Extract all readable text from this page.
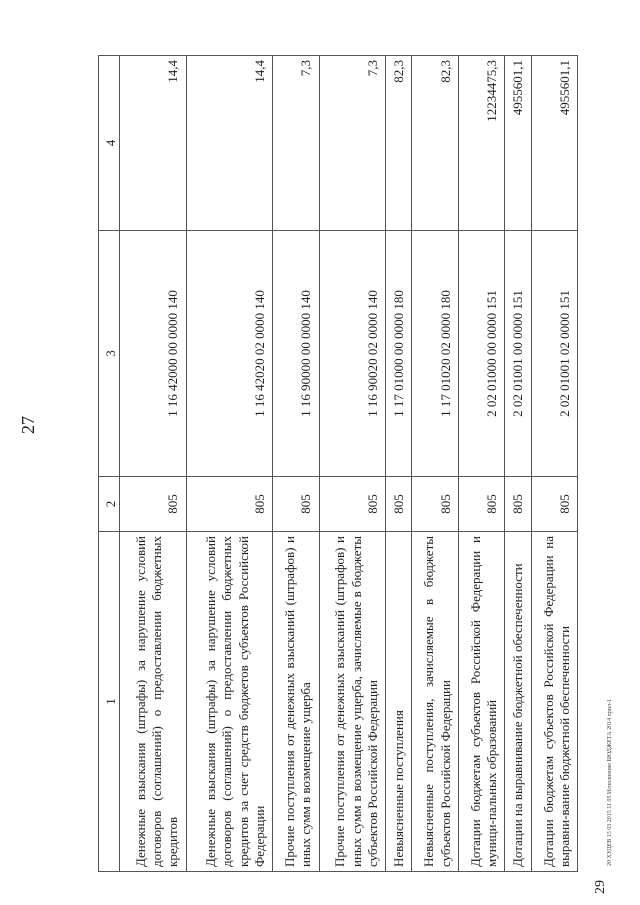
27
1	2	3	4
Денежные взыскания (штрафы) за нарушение условий договоров (соглашений) о предоставлении бюджетных кредитов	805	1 16 42000 00 0000 140	14,4
Денежные взыскания (штрафы) за нарушение условий договоров (соглашений) о предоставлении бюджетных кредитов за счет средств бюджетов субъектов Российской Федерации	805	1 16 42020 02 0000 140	14,4
Прочие поступления от денежных взысканий (штрафов) и иных сумм в возмещение ущерба	805	1 16 90000 00 0000 140	7,3
Прочие поступления от денежных взысканий (штрафов) и иных сумм в возмещение ущерба, зачисляемые в бюджеты субъектов Российской Федерации	805	1 16 90020 02 0000 140	7,3
Невыясненные поступления	805	1 17 01000 00 0000 180	82,3
Невыясненные поступления, зачисляемые в бюджеты субъектов Российской Федерации	805	1 17 01020 02 0000 180	82,3
Дотации бюджетам субъектов Российской Федерации и муници-пальных образований	805	2 02 01000 00 0000 151	12234475,3
Дотации на выравнивание бюджетной обеспеченности	805	2 02 01001 00 0000 151	4955601,1
Дотации бюджетам субъектов Российской Федерации на выравни-вание бюджетной обеспеченности	805	2 02 01001 02 0000 151	4955601,1
20 ХУДЕВ 15 03 2015 11 05 Исполнение БЮДЖЕТА 2014 прил-1
29
